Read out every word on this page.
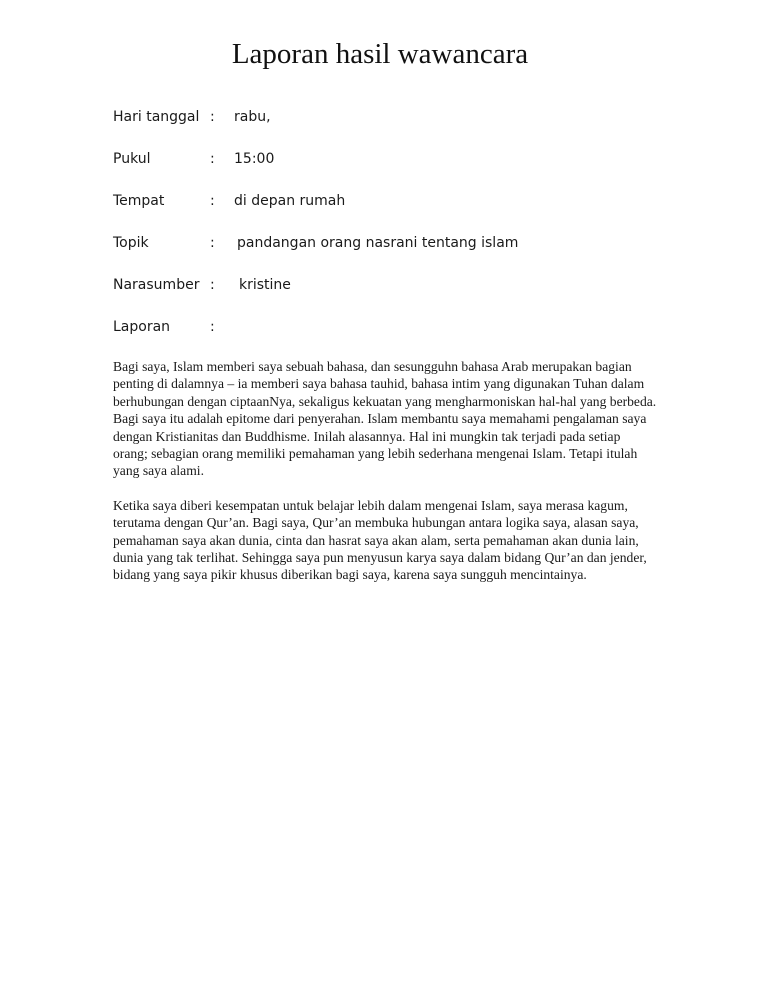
Laporan hasil wawancara
Hari tanggal : rabu,
Pukul	: 15:00
Tempat	: di depan rumah
Topik	: pandangan orang nasrani tentang islam
Narasumber : kristine
Laporan	:

Bagi saya, Islam memberi saya sebuah bahasa, dan sesungguhn bahasa Arab merupakan bagian penting di dalamnya – ia memberi saya bahasa tauhid, bahasa intim yang digunakan Tuhan dalam berhubungan dengan ciptaanNya, sekaligus kekuatan yang mengharmoniskan hal-hal yang berbeda. Bagi saya itu adalah epitome dari penyerahan. Islam membantu saya memahami pengalaman saya dengan Kristianitas dan Buddhisme. Inilah alasannya. Hal ini mungkin tak terjadi pada setiap orang; sebagian orang memiliki pemahaman yang lebih sederhana mengenai Islam. Tetapi itulah yang saya alami.

Ketika saya diberi kesempatan untuk belajar lebih dalam mengenai Islam, saya merasa kagum, terutama dengan Qur’an. Bagi saya, Qur’an membuka hubungan antara logika saya, alasan saya, pemahaman saya akan dunia, cinta dan hasrat saya akan alam, serta pemahaman akan dunia lain, dunia yang tak terlihat. Sehingga saya pun menyusun karya saya dalam bidang Qur’an dan jender, bidang yang saya pikir khusus diberikan bagi saya, karena saya sungguh mencintainya.
